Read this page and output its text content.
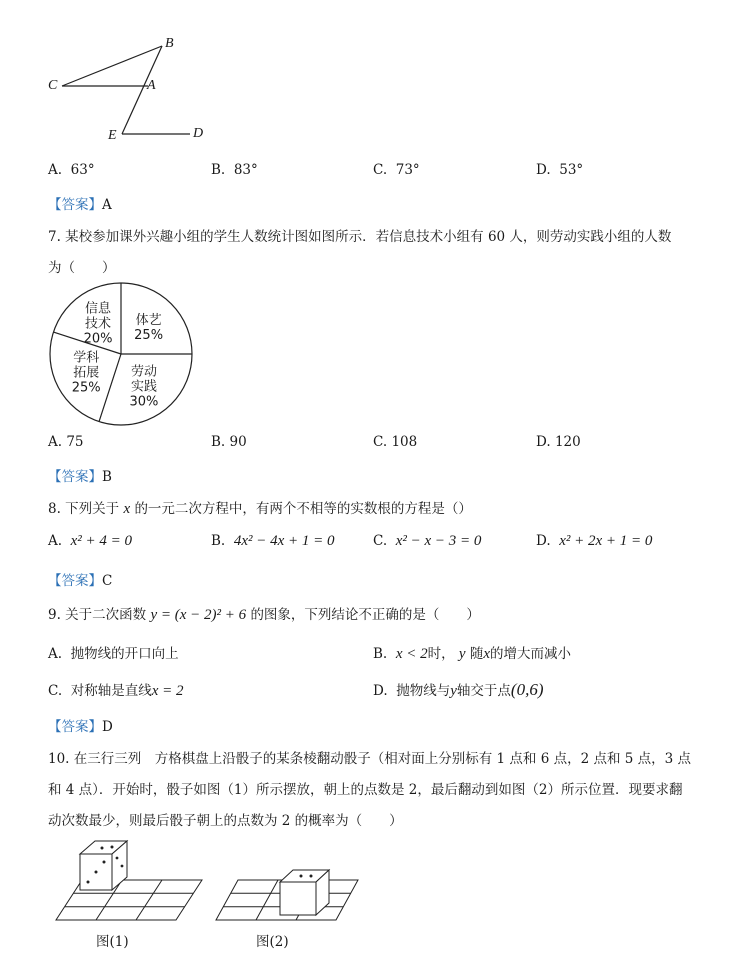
B
C	A
E	D
A. 63°	B. 83°	C. 73°	D. 53°
【答案】A
7. 某校参加课外兴趣小组的学生人数统计图如图所示．若信息技术小组有 60 人，则劳动实践小组的人数
为（　　）
体艺
25%
劳动
实践
30%
学科
拓展
25%
信息
技术
20%
A. 75	B. 90	C. 108	D. 120
【答案】B
8. 下列关于 x 的一元二次方程中，有两个不相等的实数根的方程是（）
A. x² + 4 = 0	B. 4x² − 4x + 1 = 0	C. x² − x − 3 = 0	D. x² + 2x + 1 = 0
【答案】C
9. 关于二次函数 y = (x − 2)² + 6 的图象，下列结论不正确的是（　　）
A. 抛物线的开口向上	B. x < 2时， y 随x的增大而减小
C. 对称轴是直线x = 2	D. 抛物线与y轴交于点(0,6)
【答案】D
10. 在三行三列　方格棋盘上沿骰子的某条棱翻动骰子（相对面上分别标有 1 点和 6 点，2 点和 5 点，3 点
和 4 点）．开始时，骰子如图（1）所示摆放，朝上的点数是 2，最后翻动到如图（2）所示位置．现要求翻
动次数最少，则最后骰子朝上的点数为 2 的概率为（　　）
图(1)	图(2)
